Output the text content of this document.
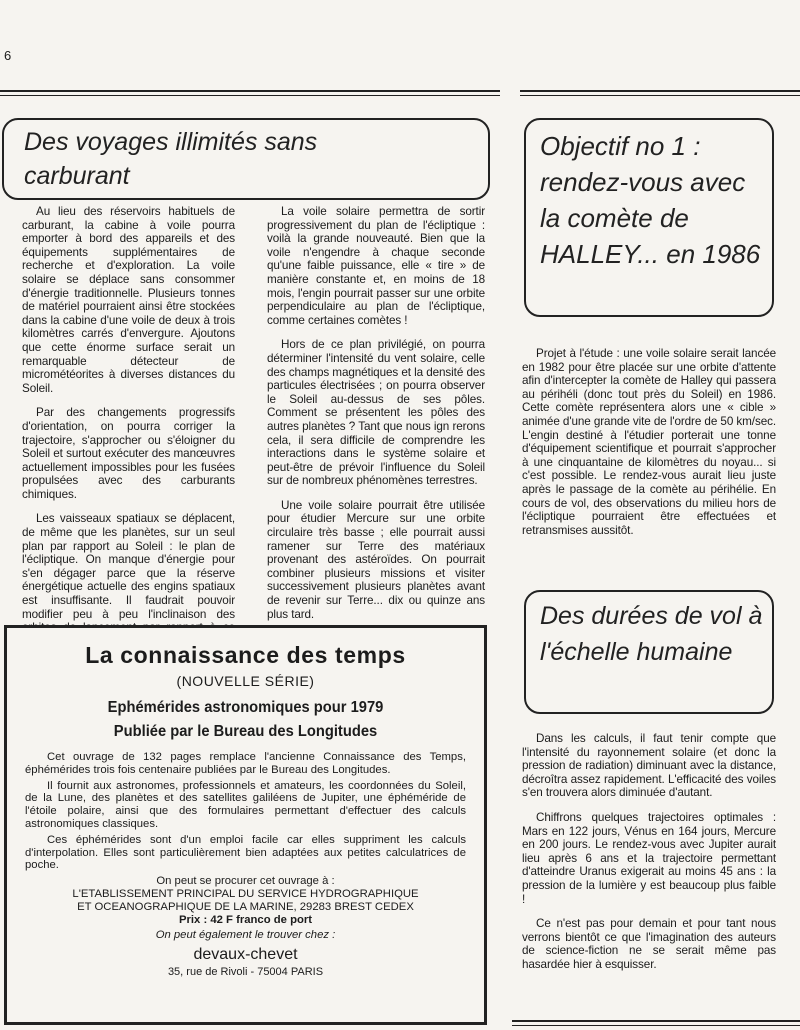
6
Des voyages illimités sans carburant

Au lieu des réservoirs habituels de carburant, la cabine à voile pourra emporter à bord des appareils et des équipements supplémentaires de recherche et d'exploration. La voile solaire se déplace sans consommer d'énergie traditionnelle. Plusieurs tonnes de matériel pourraient ainsi être stockées dans la cabine d'une voile de deux à trois kilomètres carrés d'envergure. Ajoutons que cette énorme surface serait un remarquable détecteur de micrométéorites à diverses distances du Soleil.

Par des changements progressifs d'orientation, on pourra corriger la trajectoire, s'approcher ou s'éloigner du Soleil et surtout exécuter des manœuvres actuellement impossibles pour les fusées propulsées avec des carburants chimiques.

Les vaisseaux spatiaux se déplacent, de même que les planètes, sur un seul plan par rapport au Soleil : le plan de l'écliptique. On manque d'énergie pour s'en dégager parce que la réserve énergétique actuelle des engins spatiaux est insuffisante. Il faudrait pouvoir modifier peu à peu l'inclinaison des

La voile solaire permettra de sortir progressivement du plan de l'écliptique : voilà la grande nouveauté. Bien que la voile n'engendre à chaque seconde qu'une faible puissance, elle « tire » de manière constante et, en moins de 18 mois, l'engin pourrait passer sur une orbite perpendiculaire au plan de l'écliptique, comme certaines comètes !

Hors de ce plan privilégié, on pourra déterminer l'intensité du vent solaire, celle des champs magnétiques et la densité des particules électrisées ; on pourra observer le Soleil au-dessus de ses pôles. Comment se présentent les pôles des autres planètes ? Tant que nous ign rerons cela, il sera difficile de comprendre les interactions dans le système solaire et peut-être de prévoir l'influence du Soleil sur de nombreux phénomènes terrestres.

Une voile solaire pourrait être utilisée pour étudier Mercure sur une orbite circulaire très basse ; elle pourrait aussi ramener sur Terre des matériaux provenant des astéroïdes. On pourrait combiner plusieurs missions et visiter successivement plusieurs planètes avant de revenir sur Terre... dix ou quinze ans plus tard.

Objectif no 1 : rendez-vous avec la comète de HALLEY... en 1986

Projet à l'étude : une voile solaire serait lancée en 1982 pour être placée sur une orbite d'attente afin d'intercepter la comète de Halley qui passera au périhéli (donc tout près du Soleil) en 1986. Cette comète représentera alors une « cible » animée d'une grande vite de l'ordre de 50 km/sec. L'engin destiné à l'étudier porterait une tonne d'équipement scientifique et pourrait s'approcher à une cinquantaine de kilomètres du noyau... si c'est possible. Le rendez-vous aurait lieu juste après le passage de la comète au périhélie. En cours de vol, des observations du milieu hors de l'écliptique pourraient être effectuées et retransmises aussitôt.

Des durées de vol à l'échelle humaine

Dans les calculs, il faut tenir compte que l'intensité du rayonnement solaire (et donc la pression de radiation) diminuant avec la distance, décroîtra assez rapidement. L'efficacité des voiles s'en trouvera alors diminuée d'autant.

Chiffrons quelques trajectoires optimales : Mars en 122 jours, Vénus en 164 jours, Mercure en 200 jours. Le rendez-vous avec Jupiter aurait lieu après 6 ans et la trajectoire permettant d'atteindre Uranus exigerait au moins 45 ans : la pression de la lumière y est beaucoup plus faible !

Ce n'est pas pour demain et pour tant nous verrons bientôt ce que l'imagination des auteurs de science-fiction ne se serait même pas hasardée hier à esquisser.

La connaissance des temps
(NOUVELLE SÉRIE)
Ephémérides astronomiques pour 1979
Publiée par le Bureau des Longitudes

Cet ouvrage de 132 pages remplace l'ancienne Connaissance des Temps, éphémérides trois fois centenaire publiées par le Bureau des Longitudes.

Il fournit aux astronomes, professionnels et amateurs, les coordonnées du Soleil, de la Lune, des planètes et des satellites galiléens de Jupiter, une éphéméride de l'étoile polaire, ainsi que des formulaires permettant d'effectuer des calculs astronomiques classiques.

Ces éphémérides sont d'un emploi facile car elles suppriment les calculs d'interpolation. Elles sont particulièrement bien adaptées aux petites calculatrices de poche.

On peut se procurer cet ouvrage à :
L'ETABLISSEMENT PRINCIPAL DU SERVICE HYDROGRAPHIQUE
ET OCEANOGRAPHIQUE DE LA MARINE, 29283 BREST CEDEX
Prix : 42 F franco de port
On peut également le trouver chez :
devaux-chevet
35, rue de Rivoli - 75004 PARIS
